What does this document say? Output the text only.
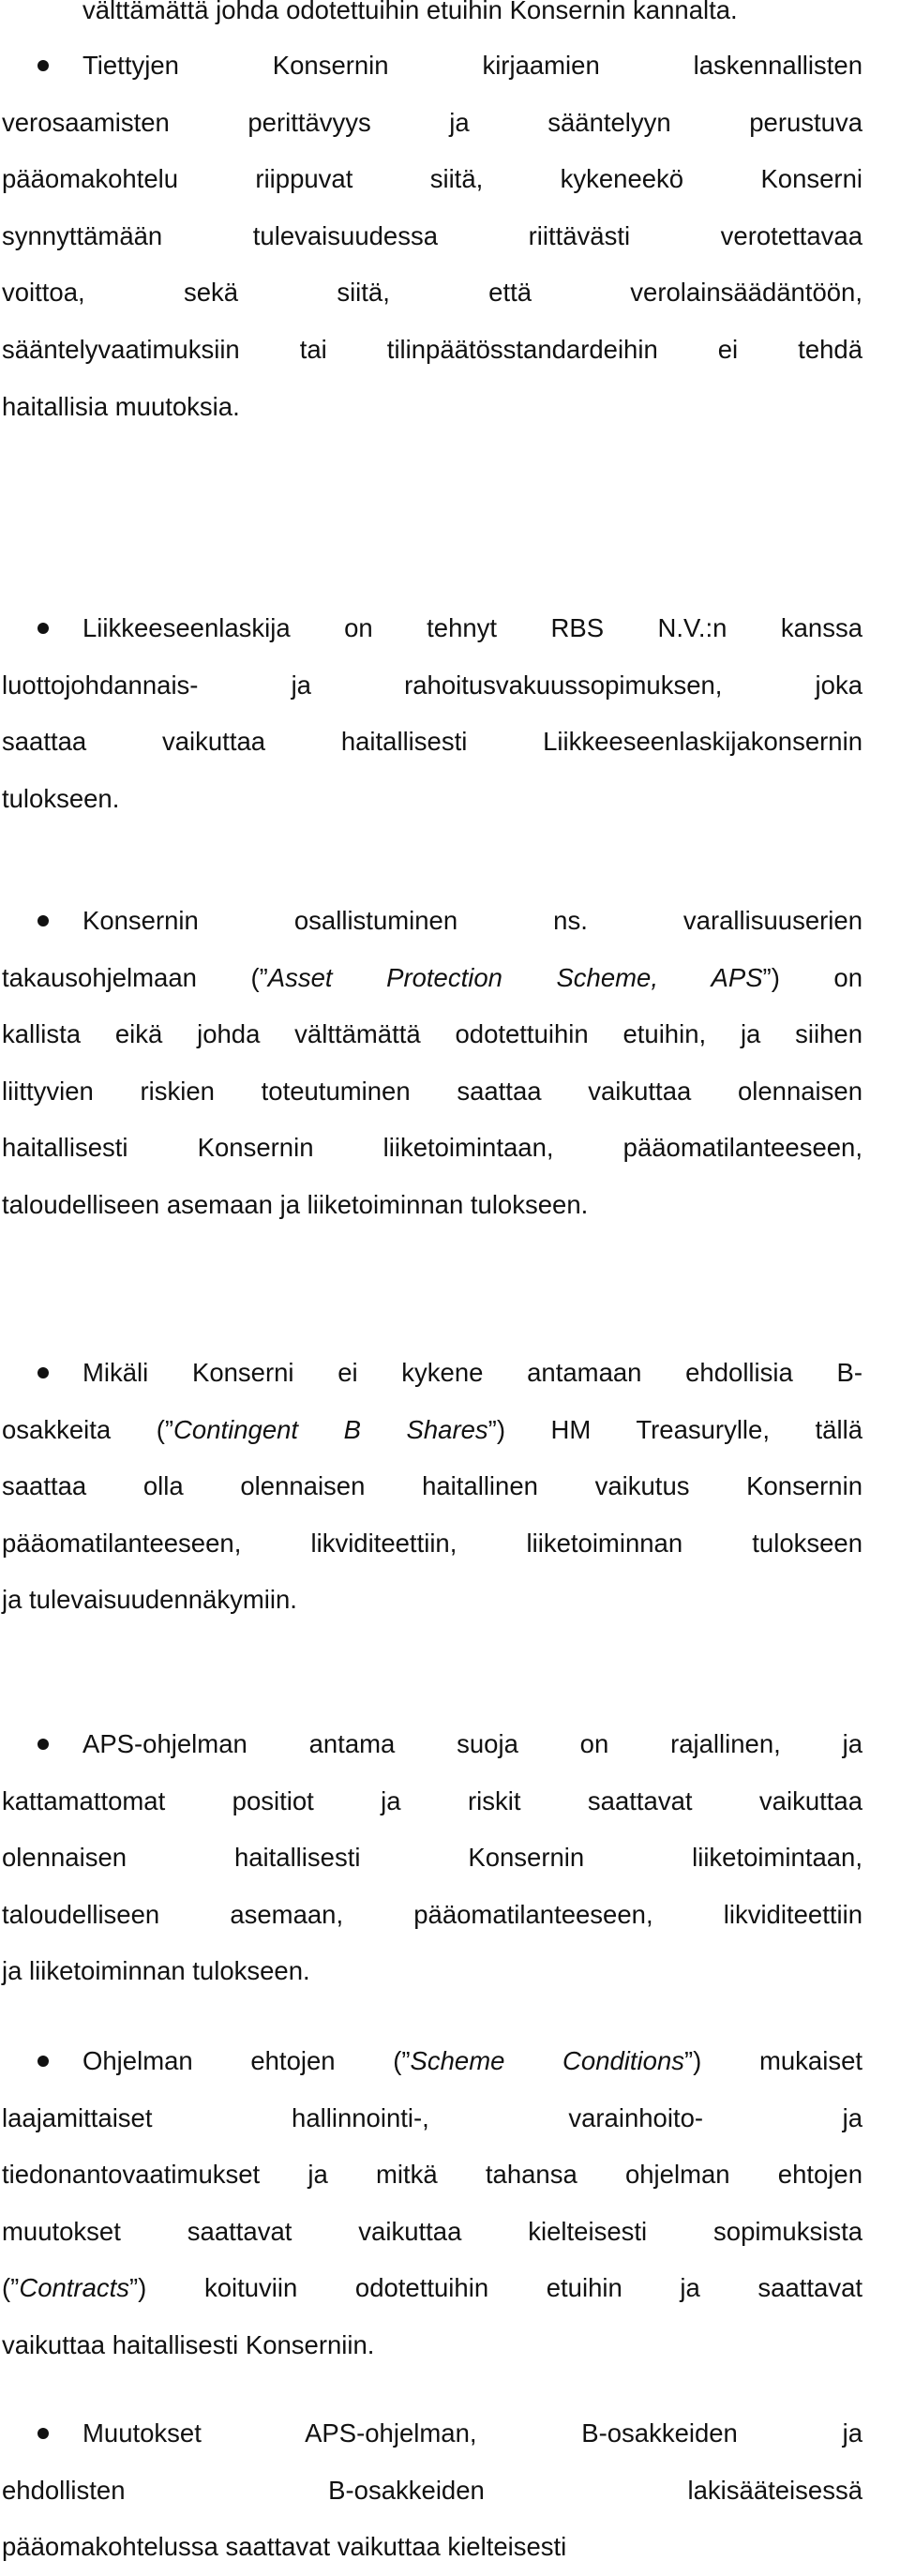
välttämättä johda odotettuihin etuihin Konsernin kannalta.

Tiettyjen Konsernin kirjaamien laskennallisten
verosaamisten perittävyys ja sääntelyyn perustuva
pääomakohtelu riippuvat siitä, kykeneekö Konserni
synnyttämään tulevaisuudessa riittävästi verotettavaa
voittoa, sekä siitä, että verolainsäädäntöön,
sääntelyvaatimuksiin tai tilinpäätösstandardeihin ei tehdä
haitallisia muutoksia.
Liikkeeseenlaskija on tehnyt RBS N.V.:n kanssa
luottojohdannais- ja rahoitusvakuussopimuksen, joka
saattaa vaikuttaa haitallisesti Liikkeeseenlaskijakonsernin
tulokseen.
Konsernin osallistuminen ns. varallisuuserien
takausohjelmaan (”Asset Protection Scheme, APS”) on
kallista eikä johda välttämättä odotettuihin etuihin, ja siihen
liittyvien riskien toteutuminen saattaa vaikuttaa olennaisen
haitallisesti Konsernin liiketoimintaan, pääomatilanteeseen,
taloudelliseen asemaan ja liiketoiminnan tulokseen.
Mikäli Konserni ei kykene antamaan ehdollisia B-
osakkeita (”Contingent B Shares”) HM Treasurylle, tällä
saattaa olla olennaisen haitallinen vaikutus Konsernin
pääomatilanteeseen, likviditeettiin, liiketoiminnan tulokseen
ja tulevaisuudennäkymiin.
APS-ohjelman antama suoja on rajallinen, ja
kattamattomat positiot ja riskit saattavat vaikuttaa
olennaisen haitallisesti Konsernin liiketoimintaan,
taloudelliseen asemaan, pääomatilanteeseen, likviditeettiin
ja liiketoiminnan tulokseen.
Ohjelman ehtojen (”Scheme Conditions”) mukaiset
laajamittaiset hallinnointi-, varainhoito- ja
tiedonantovaatimukset ja mitkä tahansa ohjelman ehtojen
muutokset saattavat vaikuttaa kielteisesti sopimuksista
(”Contracts”) koituviin odotettuihin etuihin ja saattavat
vaikuttaa haitallisesti Konserniin.
Muutokset APS-ohjelman, B-osakkeiden ja
ehdollisten B-osakkeiden lakisääteisessä
pääomakohtelussa saattavat vaikuttaa kielteisesti
